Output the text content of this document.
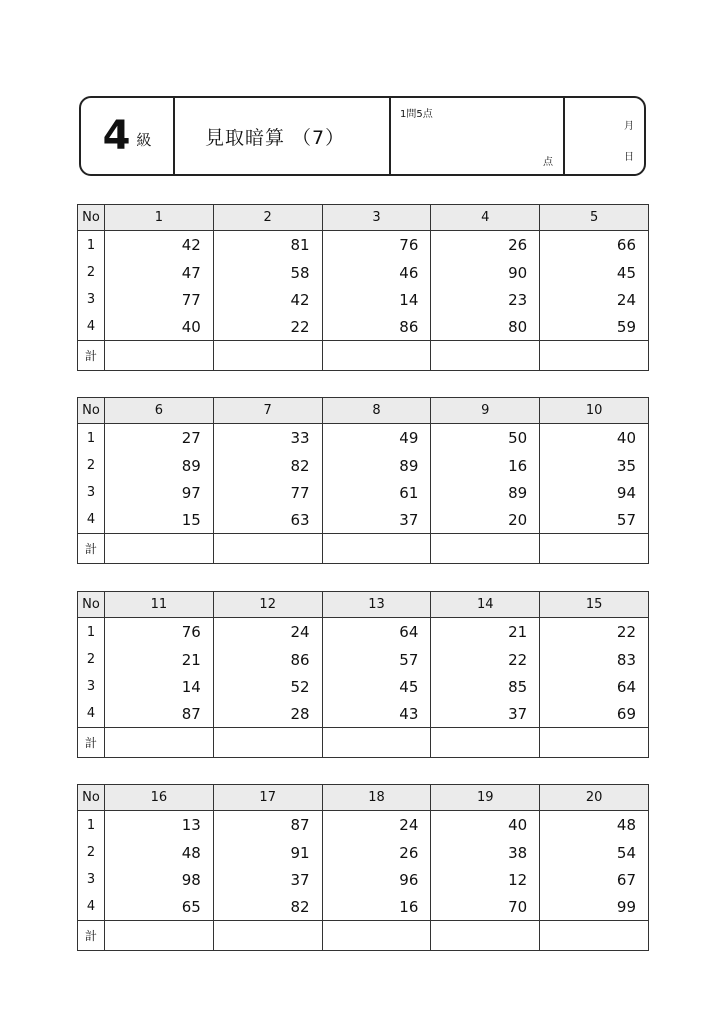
4 級	見取暗算 （7）
1問5点
点
月
日
No	1	2	3	4	5
1	42	81	76	26	66
2	47	58	46	90	45
3	77	42	14	23	24
4	40	22	86	80	59
計					
No	6	7	8	9	10
1	27	33	49	50	40
2	89	82	89	16	35
3	97	77	61	89	94
4	15	63	37	20	57
計					
No	11	12	13	14	15
1	76	24	64	21	22
2	21	86	57	22	83
3	14	52	45	85	64
4	87	28	43	37	69
計					
No	16	17	18	19	20
1	13	87	24	40	48
2	48	91	26	38	54
3	98	37	96	12	67
4	65	82	16	70	99
計					
